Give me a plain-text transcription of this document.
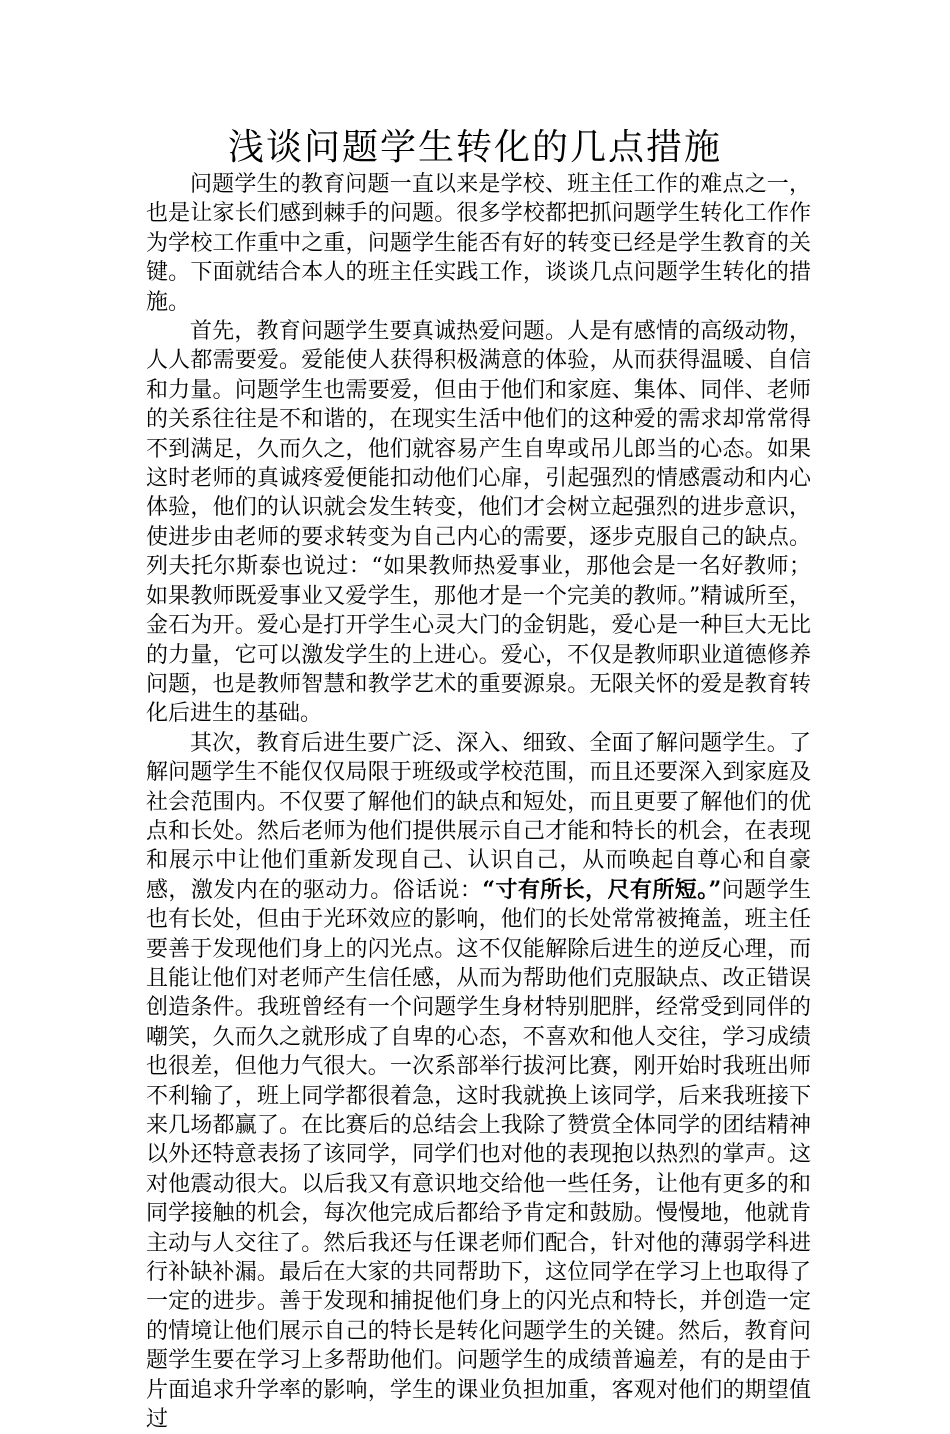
浅谈问题学生转化的几点措施

问题学生的教育问题一直以来是学校、班主任工作的难点之一，也是让家长们感到棘手的问题。很多学校都把抓问题学生转化工作作为学校工作重中之重，问题学生能否有好的转变已经是学生教育的关键。下面就结合本人的班主任实践工作，谈谈几点问题学生转化的措施。

首先，教育问题学生要真诚热爱问题。人是有感情的高级动物，人人都需要爱。爱能使人获得积极满意的体验，从而获得温暖、自信和力量。问题学生也需要爱，但由于他们和家庭、集体、同伴、老师的关系往往是不和谐的，在现实生活中他们的这种爱的需求却常常得不到满足，久而久之，他们就容易产生自卑或吊儿郎当的心态。如果这时老师的真诚疼爱便能扣动他们心扉，引起强烈的情感震动和内心体验，他们的认识就会发生转变，他们才会树立起强烈的进步意识，使进步由老师的要求转变为自己内心的需要，逐步克服自己的缺点。列夫托尔斯泰也说过：“如果教师热爱事业，那他会是一名好教师；如果教师既爱事业又爱学生，那他才是一个完美的教师。”精诚所至，金石为开。爱心是打开学生心灵大门的金钥匙，爱心是一种巨大无比的力量，它可以激发学生的上进心。爱心，不仅是教师职业道德修养问题，也是教师智慧和教学艺术的重要源泉。无限关怀的爱是教育转化后进生的基础。

其次，教育后进生要广泛、深入、细致、全面了解问题学生。了解问题学生不能仅仅局限于班级或学校范围，而且还要深入到家庭及社会范围内。不仅要了解他们的缺点和短处，而且更要了解他们的优点和长处。然后老师为他们提供展示自己才能和特长的机会，在表现和展示中让他们重新发现自己、认识自己，从而唤起自尊心和自豪感，激发内在的驱动力。俗话说：“寸有所长，尺有所短。”问题学生也有长处，但由于光环效应的影响，他们的长处常常被掩盖，班主任要善于发现他们身上的闪光点。这不仅能解除后进生的逆反心理，而且能让他们对老师产生信任感，从而为帮助他们克服缺点、改正错误创造条件。我班曾经有一个问题学生身材特别肥胖，经常受到同伴的嘲笑，久而久之就形成了自卑的心态，不喜欢和他人交往，学习成绩也很差，但他力气很大。一次系部举行拔河比赛，刚开始时我班出师不利输了，班上同学都很着急，这时我就换上该同学，后来我班接下来几场都赢了。在比赛后的总结会上我除了赞赏全体同学的团结精神以外还特意表扬了该同学，同学们也对他的表现抱以热烈的掌声。这对他震动很大。以后我又有意识地交给他一些任务，让他有更多的和同学接触的机会，每次他完成后都给予肯定和鼓励。慢慢地，他就肯主动与人交往了。然后我还与任课老师们配合，针对他的薄弱学科进行补缺补漏。最后在大家的共同帮助下，这位同学在学习上也取得了一定的进步。善于发现和捕捉他们身上的闪光点和特长，并创造一定的情境让他们展示自己的特长是转化问题学生的关键。然后，教育问题学生要在学习上多帮助他们。问题学生的成绩普遍差，有的是由于片面追求升学率的影响，学生的课业负担加重，客观对他们的期望值过
